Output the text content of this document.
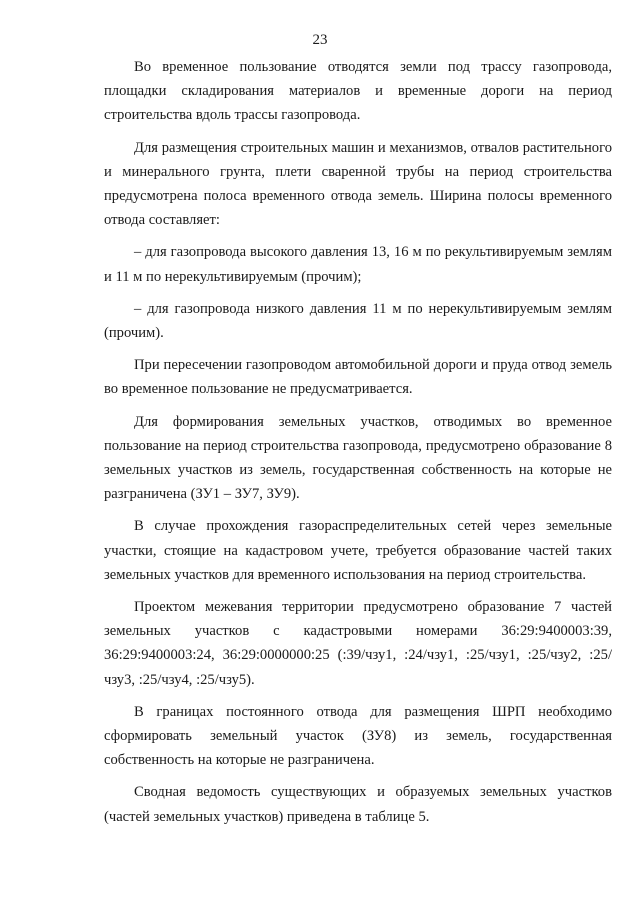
23

Во временное пользование отводятся земли под трассу газопровода, площадки складирования материалов и временные дороги на период строительства вдоль трассы газопровода.

Для размещения строительных машин и механизмов, отвалов растительного и минерального грунта, плети сваренной трубы на период строительства предусмотрена полоса временного отвода земель. Ширина полосы временного отвода составляет:

– для газопровода высокого давления 13, 16 м по рекультивируемым землям и 11 м по нерекультивируемым (прочим);

– для газопровода низкого давления 11 м по нерекультивируемым землям (прочим).

При пересечении газопроводом автомобильной дороги и пруда отвод земель во временное пользование не предусматривается.

Для формирования земельных участков, отводимых во временное пользование на период строительства газопровода, предусмотрено образование 8 земельных участков из земель, государственная собственность на которые не разграничена (ЗУ1 – ЗУ7, ЗУ9).

В случае прохождения газораспределительных сетей через земельные участки, стоящие на кадастровом учете, требуется образование частей таких земельных участков для временного использования на период строительства.

Проектом межевания территории предусмотрено образование 7 частей земельных участков с кадастровыми номерами 36:29:9400003:39, 36:29:9400003:24, 36:29:0000000:25 (:39/чзу1, :24/чзу1, :25/чзу1, :25/чзу2, :25/чзу3, :25/чзу4, :25/чзу5).

В границах постоянного отвода для размещения ШРП необходимо сформировать земельный участок (ЗУ8) из земель, государственная собственность на которые не разграничена.

Сводная ведомость существующих и образуемых земельных участков (частей земельных участков) приведена в таблице 5.
